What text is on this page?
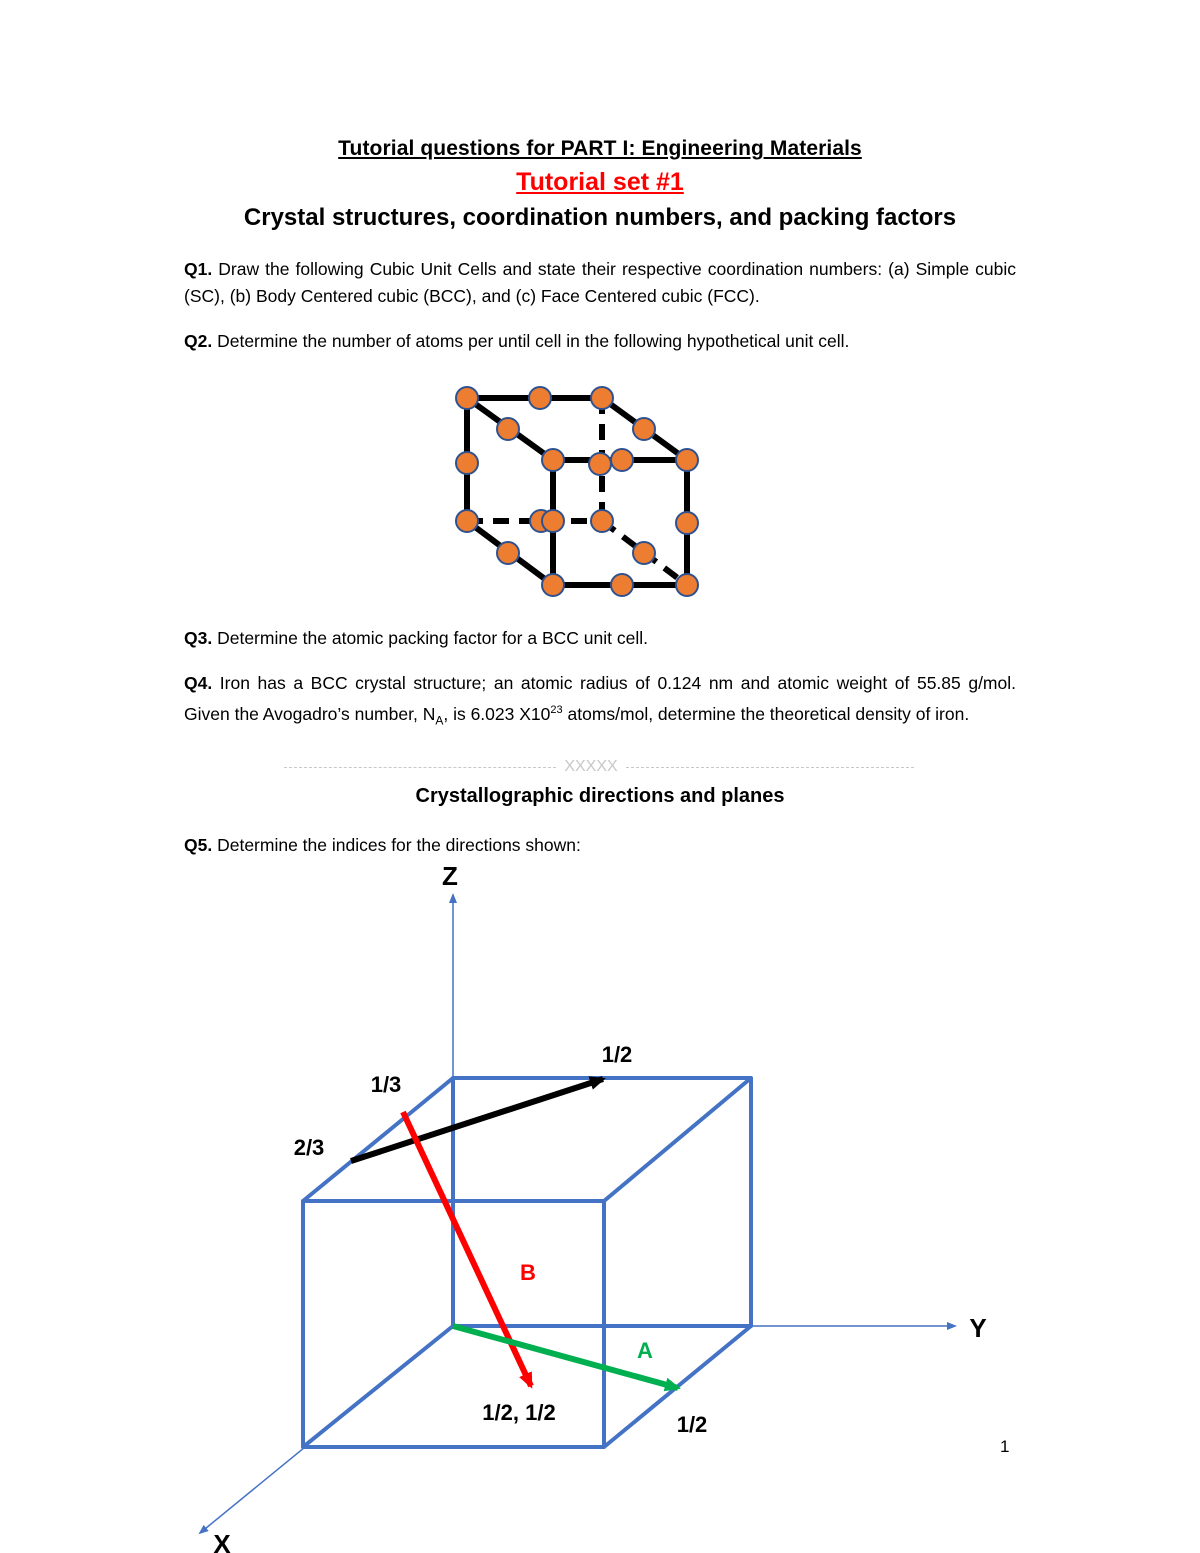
Tutorial questions for PART I: Engineering Materials
Tutorial set #1
Crystal structures, coordination numbers, and packing factors
Q1. Draw the following Cubic Unit Cells and state their respective coordination numbers: (a) Simple cubic (SC), (b) Body Centered cubic (BCC), and (c) Face Centered cubic (FCC).
Q2. Determine the number of atoms per until cell in the following hypothetical unit cell.
Q3. Determine the atomic packing factor for a BCC unit cell.
Q4. Iron has a BCC crystal structure; an atomic radius of 0.124 nm and atomic weight of 55.85 g/mol. Given the Avogadro’s number, $N_A$, is 6.023 $X10^{23}$ atoms/mol, determine the theoretical density of iron.
XXXXX
Crystallographic directions and planes
Q5. Determine the indices for the directions shown:
Z
Y
X
1/3
2/3
1/2
B
A
1/2, 1/2	1/2
1
